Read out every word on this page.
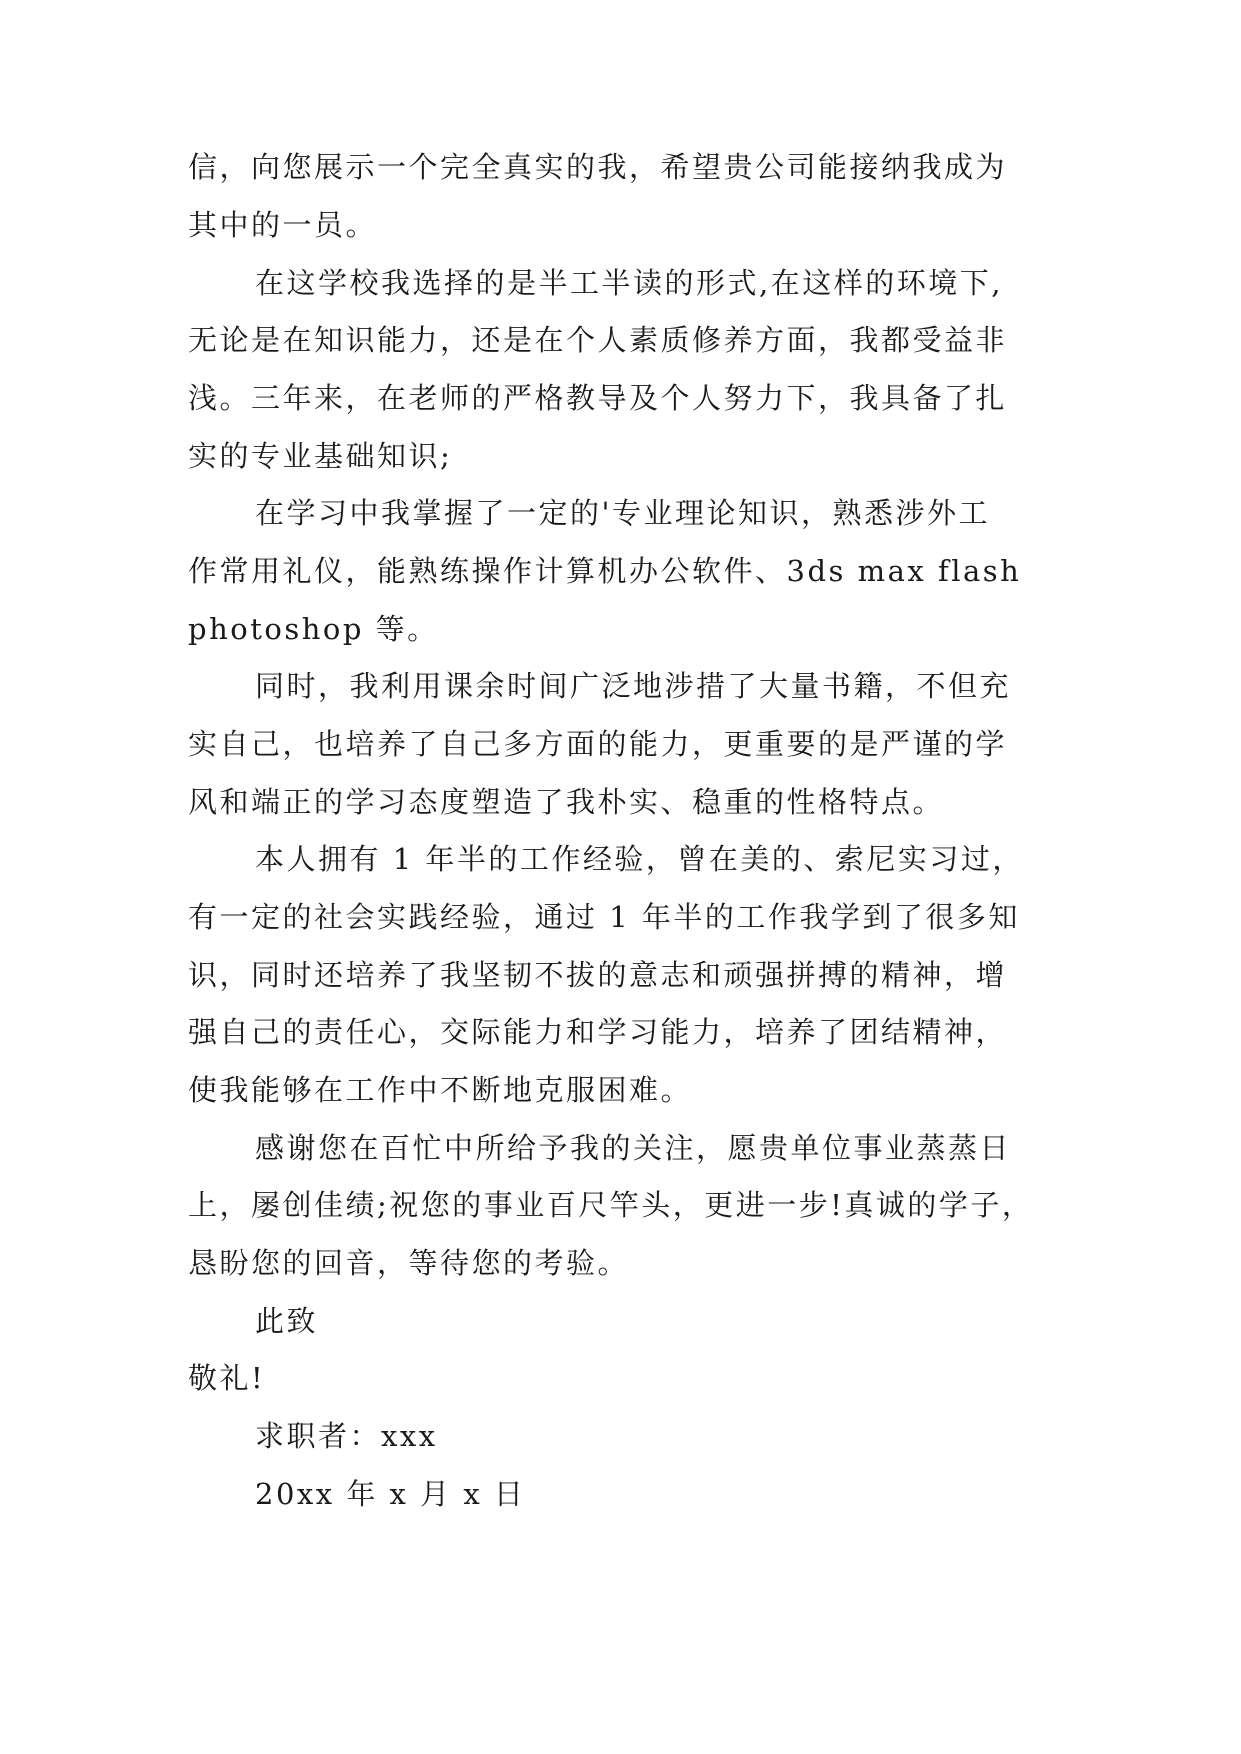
信，向您展示一个完全真实的我，希望贵公司能接纳我成为
其中的一员。
在这学校我选择的是半工半读的形式,在这样的环境下,
无论是在知识能力，还是在个人素质修养方面，我都受益非
浅。三年来，在老师的严格教导及个人努力下，我具备了扎
实的专业基础知识;
在学习中我掌握了一定的'专业理论知识，熟悉涉外工
作常用礼仪，能熟练操作计算机办公软件、3ds max flash
photoshop 等。
同时，我利用课余时间广泛地涉措了大量书籍，不但充
实自己，也培养了自己多方面的能力，更重要的是严谨的学
风和端正的学习态度塑造了我朴实、稳重的性格特点。
本人拥有 1 年半的工作经验，曾在美的、索尼实习过，
有一定的社会实践经验，通过 1 年半的工作我学到了很多知
识，同时还培养了我坚韧不拔的意志和顽强拼搏的精神，增
强自己的责任心，交际能力和学习能力，培养了团结精神，
使我能够在工作中不断地克服困难。
感谢您在百忙中所给予我的关注，愿贵单位事业蒸蒸日
上，屡创佳绩;祝您的事业百尺竿头，更进一步!真诚的学子，
恳盼您的回音，等待您的考验。
此致
敬礼!
求职者：xxx
20xx 年 x 月 x 日
